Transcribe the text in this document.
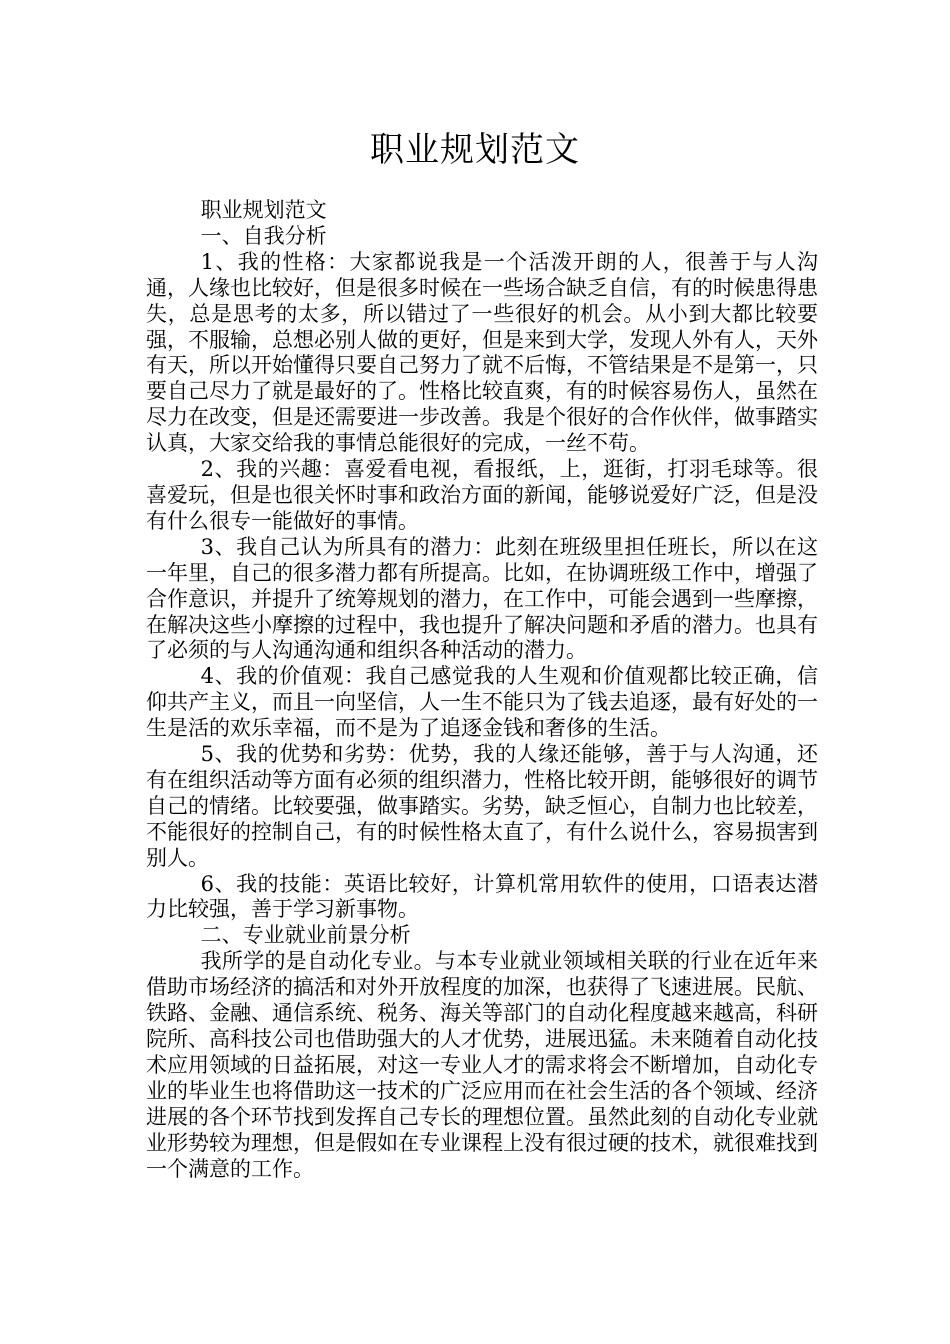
职业规划范文

职业规划范文

一、自我分析

1、我的性格：大家都说我是一个活泼开朗的人，很善于与人沟通，人缘也比较好，但是很多时候在一些场合缺乏自信，有的时候患得患失，总是思考的太多，所以错过了一些很好的机会。从小到大都比较要强，不服输，总想必别人做的更好，但是来到大学，发现人外有人，天外有天，所以开始懂得只要自己努力了就不后悔，不管结果是不是第一，只要自己尽力了就是最好的了。性格比较直爽，有的时候容易伤人，虽然在尽力在改变，但是还需要进一步改善。我是个很好的合作伙伴，做事踏实认真，大家交给我的事情总能很好的完成，一丝不苟。

2、我的兴趣：喜爱看电视，看报纸，上，逛街，打羽毛球等。很喜爱玩，但是也很关怀时事和政治方面的新闻，能够说爱好广泛，但是没有什么很专一能做好的事情。

3、我自己认为所具有的潜力：此刻在班级里担任班长，所以在这一年里，自己的很多潜力都有所提高。比如，在协调班级工作中，增强了合作意识，并提升了统筹规划的潜力，在工作中，可能会遇到一些摩擦，在解决这些小摩擦的过程中，我也提升了解决问题和矛盾的潜力。也具有了必须的与人沟通沟通和组织各种活动的潜力。

4、我的价值观：我自己感觉我的人生观和价值观都比较正确，信仰共产主义，而且一向坚信，人一生不能只为了钱去追逐，最有好处的一生是活的欢乐幸福，而不是为了追逐金钱和奢侈的生活。

5、我的优势和劣势：优势，我的人缘还能够，善于与人沟通，还有在组织活动等方面有必须的组织潜力，性格比较开朗，能够很好的调节自己的情绪。比较要强，做事踏实。劣势，缺乏恒心，自制力也比较差，不能很好的控制自己，有的时候性格太直了，有什么说什么，容易损害到别人。

6、我的技能：英语比较好，计算机常用软件的使用，口语表达潜力比较强，善于学习新事物。

二、专业就业前景分析

我所学的是自动化专业。与本专业就业领域相关联的行业在近年来借助市场经济的搞活和对外开放程度的加深，也获得了飞速进展。民航、铁路、金融、通信系统、税务、海关等部门的自动化程度越来越高，科研院所、高科技公司也借助强大的人才优势，进展迅猛。未来随着自动化技术应用领域的日益拓展，对这一专业人才的需求将会不断增加，自动化专业的毕业生也将借助这一技术的广泛应用而在社会生活的各个领域、经济进展的各个环节找到发挥自己专长的理想位置。虽然此刻的自动化专业就业形势较为理想，但是假如在专业课程上没有很过硬的技术，就很难找到一个满意的工作。
